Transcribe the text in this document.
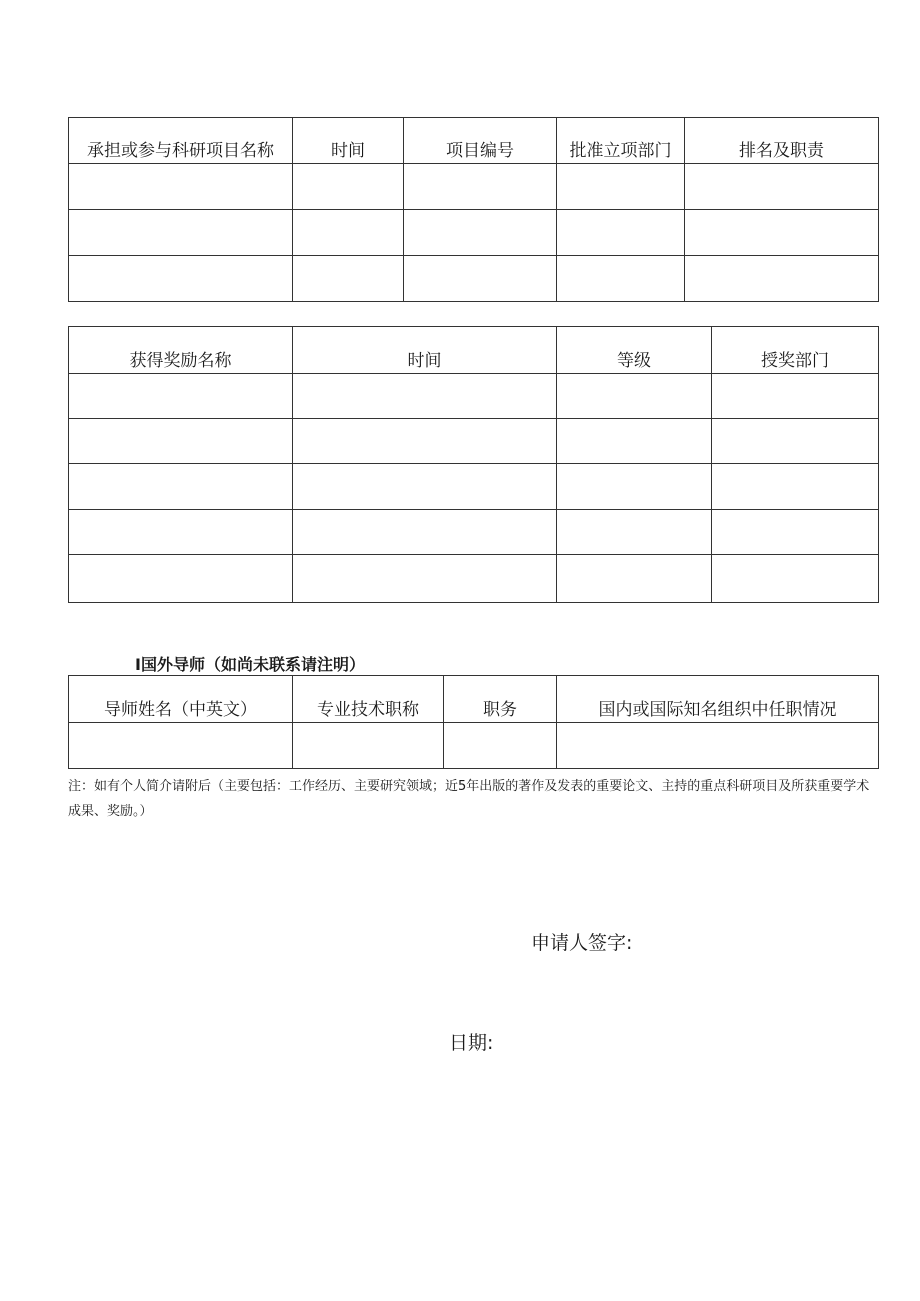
承担或参与科研项目名称	时间	项目编号	批准立项部门	排名及职责

获得奖励名称	时间	等级	授奖部门

I国外导师（如尚未联系请注明）
导师姓名（中英文）	专业技术职称	职务	国内或国际知名组织中任职情况

注：如有个人简介请附后（主要包括：工作经历、主要研究领域；近5年出版的著作及发表的重要论文、主持的重点科研项目及所获重要学术成果、奖励。）
申请人签字:
日期:
